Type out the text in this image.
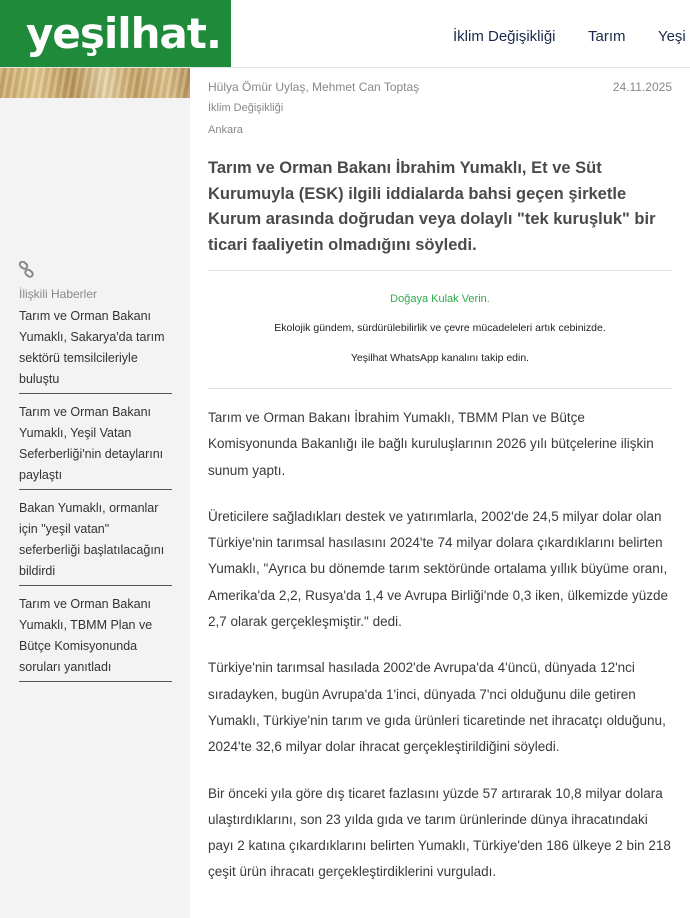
yeşilhat.	İklim Değişikliği Tarım Yeşi
İlişkili Haberler
Tarım ve Orman Bakanı Yumaklı, Sakarya'da tarım sektörü temsilcileriyle buluştu
Tarım ve Orman Bakanı Yumaklı, Yeşil Vatan Seferberliği'nin detaylarını paylaştı
Bakan Yumaklı, ormanlar için "yeşil vatan" seferberliği başlatılacağını bildirdi
Tarım ve Orman Bakanı Yumaklı, TBMM Plan ve Bütçe Komisyonunda soruları yanıtladı
Hülya Ömür Uylaş, Mehmet Can Toptaş	24.11.2025
İklim Değişikliği
Ankara
Tarım ve Orman Bakanı İbrahim Yumaklı, Et ve Süt Kurumuyla (ESK) ilgili iddialarda bahsi geçen şirketle Kurum arasında doğrudan veya dolaylı "tek kuruşluk" bir ticari faaliyetin olmadığını söyledi.
Doğaya Kulak Verin.
Ekolojik gündem, sürdürülebilirlik ve çevre mücadeleleri artık cebinizde.
Yeşilhat WhatsApp kanalını takip edin.

Tarım ve Orman Bakanı İbrahim Yumaklı, TBMM Plan ve Bütçe Komisyonunda Bakanlığı ile bağlı kuruluşlarının 2026 yılı bütçelerine ilişkin sunum yaptı.

Üreticilere sağladıkları destek ve yatırımlarla, 2002'de 24,5 milyar dolar olan Türkiye'nin tarımsal hasılasını 2024'te 74 milyar dolara çıkardıklarını belirten Yumaklı, "Ayrıca bu dönemde tarım sektöründe ortalama yıllık büyüme oranı, Amerika'da 2,2, Rusya'da 1,4 ve Avrupa Birliği'nde 0,3 iken, ülkemizde yüzde 2,7 olarak gerçekleşmiştir." dedi.

Türkiye'nin tarımsal hasılada 2002'de Avrupa'da 4'üncü, dünyada 12'nci sıradayken, bugün Avrupa'da 1'inci, dünyada 7'nci olduğunu dile getiren Yumaklı, Türkiye'nin tarım ve gıda ürünleri ticaretinde net ihracatçı olduğunu, 2024'te 32,6 milyar dolar ihracat gerçekleştirildiğini söyledi.

Bir önceki yıla göre dış ticaret fazlasını yüzde 57 artırarak 10,8 milyar dolara ulaştırdıklarını, son 23 yılda gıda ve tarım ürünlerinde dünya ihracatındaki payı 2 katına çıkardıklarını belirten Yumaklı, Türkiye'den 186 ülkeye 2 bin 218 çeşit ürün ihracatı gerçekleştirdiklerini vurguladı.
